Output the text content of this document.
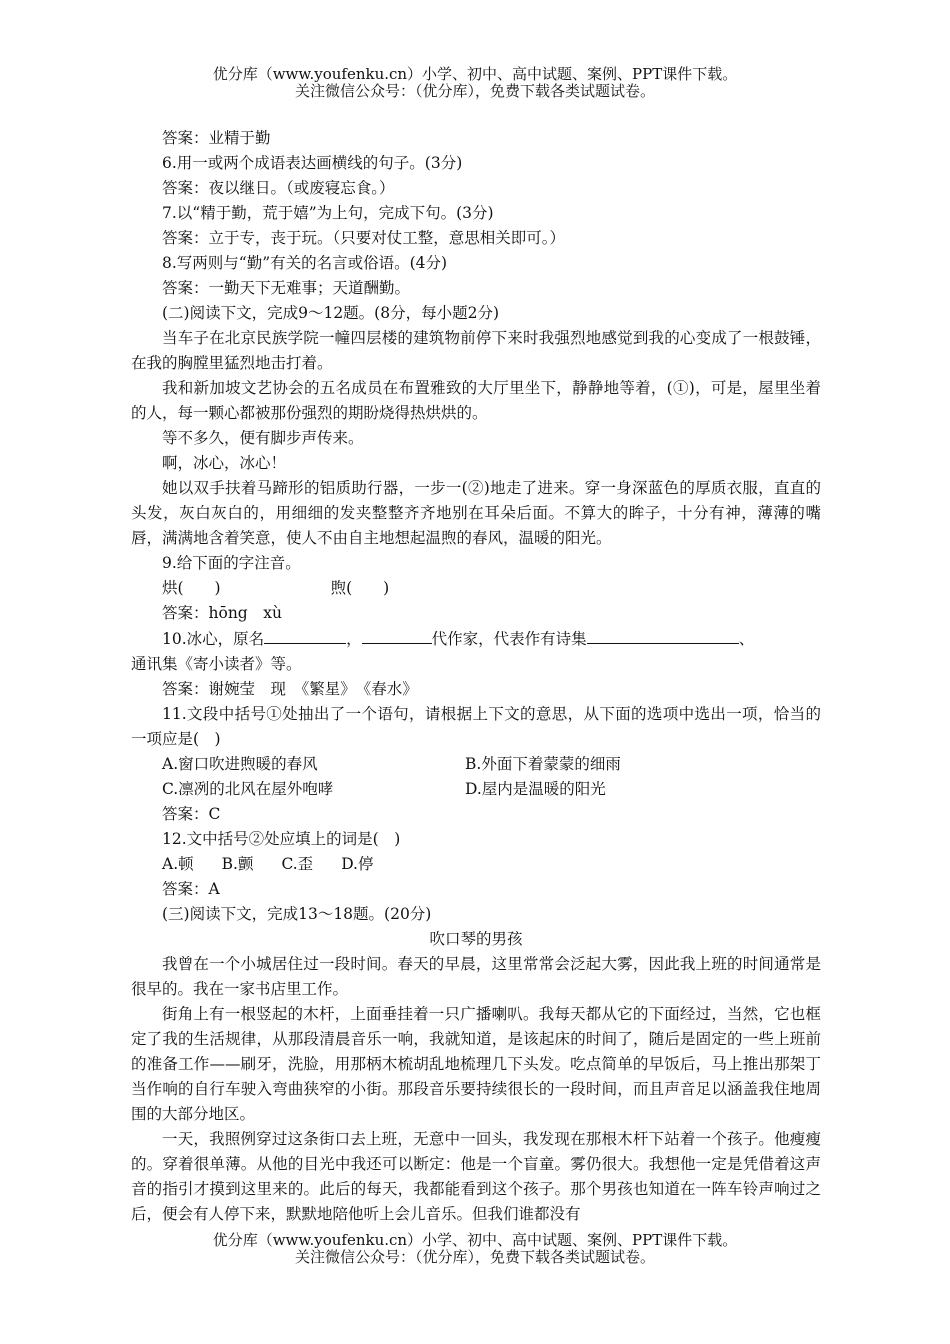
优分库（www.youfenku.cn）小学、初中、高中试题、案例、PPT课件下载。
关注微信公众号：（优分库），免费下载各类试题试卷。

答案：业精于勤

6.用一或两个成语表达画横线的句子。(3分)

答案：夜以继日。（或废寝忘食。）

7.以“精于勤，荒于嬉”为上句，完成下句。(3分)

答案：立于专，丧于玩。（只要对仗工整，意思相关即可。）

8.写两则与“勤”有关的名言或俗语。(4分)

答案：一勤天下无难事；天道酬勤。

(二)阅读下文，完成9～12题。(8分，每小题2分)

当车子在北京民族学院一幢四层楼的建筑物前停下来时我强烈地感觉到我的心变成了一根鼓锤，在我的胸膛里猛烈地击打着。

我和新加坡文艺协会的五名成员在布置雅致的大厅里坐下，静静地等着，(①)，可是，屋里坐着的人，每一颗心都被那份强烈的期盼烧得热烘烘的。

等不多久，便有脚步声传来。

啊，冰心，冰心！

她以双手扶着马蹄形的铝质助行器，一步一(②)地走了进来。穿一身深蓝色的厚质衣服，直直的头发，灰白灰白的，用细细的发夹整整齐齐地别在耳朵后面。不算大的眸子，十分有神，薄薄的嘴唇，满满地含着笑意，使人不由自主地想起温煦的春风，温暖的阳光。

9.给下面的字注音。

烘(　　)	煦(　　)

答案：hōng　xù

10.冰心，原名	，	代作家，代表作有诗集	、

通讯集《寄小读者》等。

答案：谢婉莹　现　《繁星》　《春水》

11.文段中括号①处抽出了一个语句，请根据上下文的意思，从下面的选项中选出一项，恰当的一项应是(　)

A.窗口吹进煦暖的春风	B.外面下着蒙蒙的细雨
C.凛冽的北风在屋外咆哮	D.屋内是温暖的阳光

答案：C

12.文中括号②处应填上的词是(　)

A.顿 B.颤 C.歪 D.停

答案：A

(三)阅读下文，完成13～18题。(20分)

吹口琴的男孩

我曾在一个小城居住过一段时间。春天的早晨，这里常常会泛起大雾，因此我上班的时间通常是很早的。我在一家书店里工作。

街角上有一根竖起的木杆，上面垂挂着一只广播喇叭。我每天都从它的下面经过，当然，它也框定了我的生活规律，从那段清晨音乐一响，我就知道，是该起床的时间了，随后是固定的一些上班前的准备工作——刷牙，洗脸，用那柄木梳胡乱地梳理几下头发。吃点简单的早饭后，马上推出那架丁当作响的自行车驶入弯曲狭窄的小街。那段音乐要持续很长的一段时间，而且声音足以涵盖我住地周围的大部分地区。

一天，我照例穿过这条街口去上班，无意中一回头，我发现在那根木杆下站着一个孩子。他瘦瘦的。穿着很单薄。从他的目光中我还可以断定：他是一个盲童。雾仍很大。我想他一定是凭借着这声音的指引才摸到这里来的。此后的每天，我都能看到这个孩子。那个男孩也知道在一阵车铃声响过之后，便会有人停下来，默默地陪他听上会儿音乐。但我们谁都没有

优分库（www.youfenku.cn）小学、初中、高中试题、案例、PPT课件下载。
关注微信公众号：（优分库），免费下载各类试题试卷。
